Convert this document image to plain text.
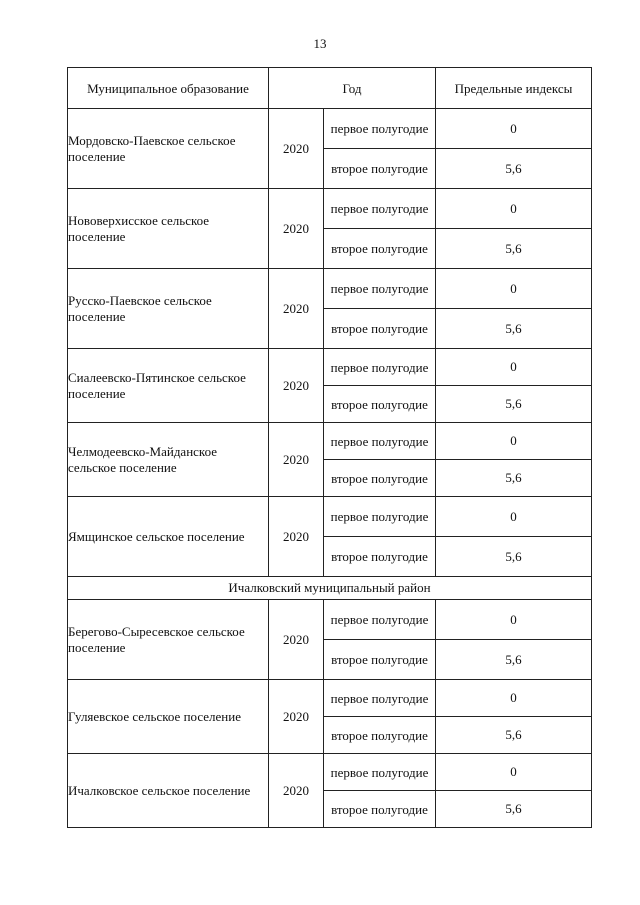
13
Муниципальное образование	Год		Предельные индексы
Мордовско-Паевское сельское поселение	2020	первое полугодие	0
		второе полугодие	5,6
Нововерхисское сельское поселение	2020	первое полугодие	0
		второе полугодие	5,6
Русско-Паевское сельское поселение	2020	первое полугодие	0
		второе полугодие	5,6
Сиалеевско-Пятинское сельское поселение	2020	первое полугодие	0
		второе полугодие	5,6
Челмодеевско-Майданское сельское поселение	2020	первое полугодие	0
		второе полугодие	5,6
Ямщинское сельское поселение	2020	первое полугодие	0
		второе полугодие	5,6
Ичалковский муниципальный район			
Берегово-Сыресевское сельское поселение	2020	первое полугодие	0
		второе полугодие	5,6
Гуляевское сельское поселение	2020	первое полугодие	0
		второе полугодие	5,6
Ичалковское сельское поселение	2020	первое полугодие	0
		второе полугодие	5,6
